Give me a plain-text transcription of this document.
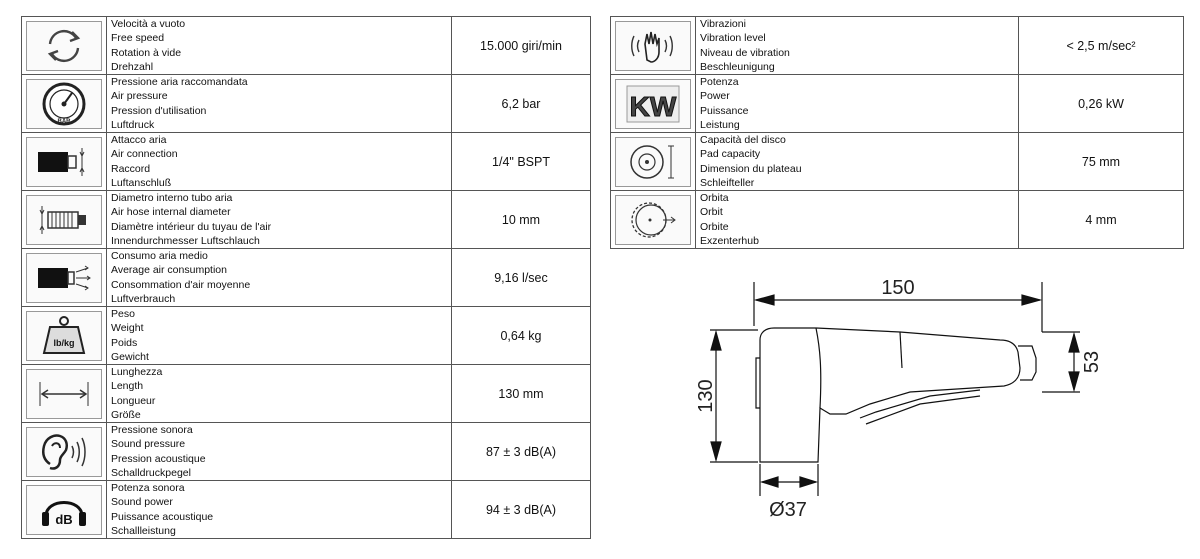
Velocità a vuoto
Free speed
Rotation à vide
Drehzahl	15.000 giri/min

BAR	Pressione aria raccomandata
Air pressure
Pression d'utilisation
Luftdruck	6,2 bar

Attacco aria
Air connection
Raccord
Luftanschluß	1/4" BSPT

Diametro interno tubo aria
Air hose internal diameter
Diamètre intérieur du tuyau de l'air
Innendurchmesser Luftschlauch	10 mm

Consumo aria medio
Average air consumption
Consommation d'air moyenne
Luftverbrauch	9,16 l/sec

lb/kg	Peso
Weight
Poids
Gewicht	0,64 kg

Lunghezza
Length
Longueur
Größe	130 mm

Pressione sonora
Sound pressure
Pression acoustique
Schalldruckpegel	87 ± 3 dB(A)

dB	Potenza sonora
Sound power
Puissance acoustique
Schallleistung	94 ± 3 dB(A)

Vibrazioni
Vibration level
Niveau de vibration
Beschleunigung	< 2,5 m/sec²

KW	Potenza
Power
Puissance
Leistung	0,26 kW

Capacità del disco
Pad capacity
Dimension du plateau
Schleifteller	75 mm

Orbita
Orbit
Orbite
Exzenterhub	4 mm
150
130
53
Ø37
